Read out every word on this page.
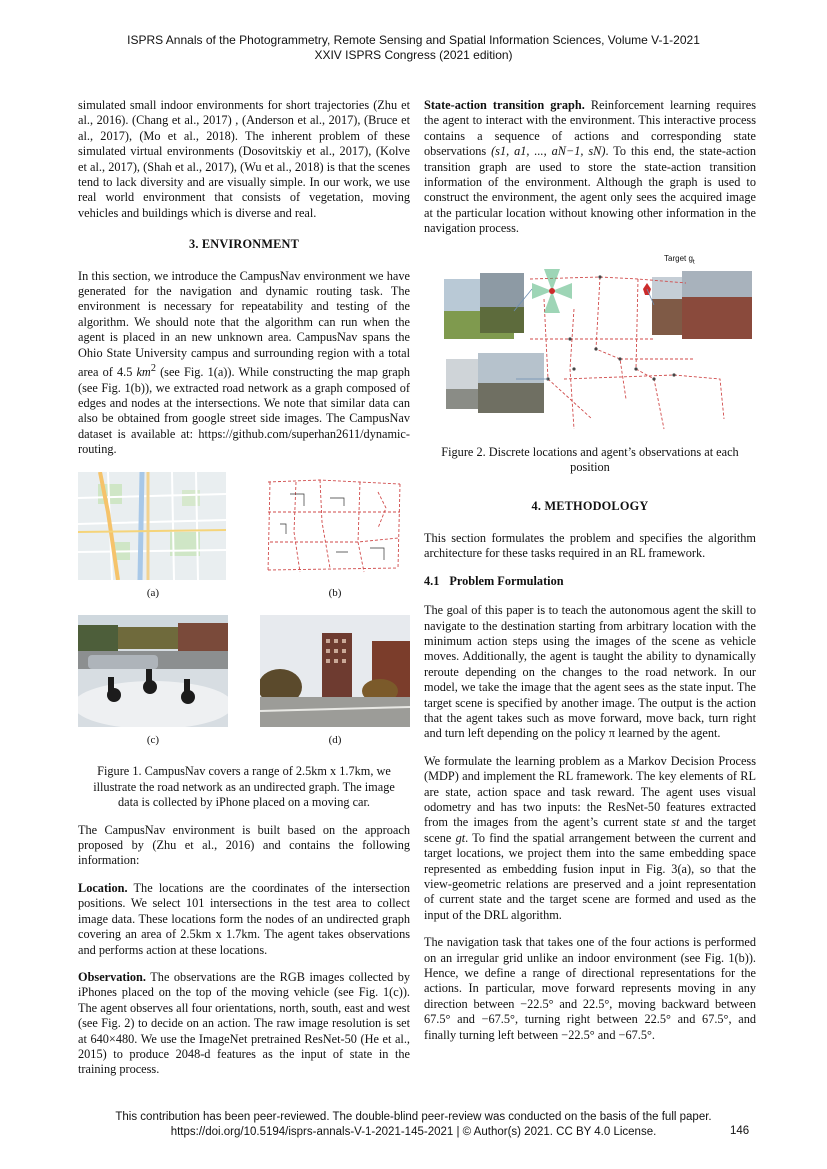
ISPRS Annals of the Photogrammetry, Remote Sensing and Spatial Information Sciences, Volume V-1-2021
XXIV ISPRS Congress (2021 edition)

simulated small indoor environments for short trajectories (Zhu et al., 2016). (Chang et al., 2017) , (Anderson et al., 2017), (Bruce et al., 2017), (Mo et al., 2018). The inherent problem of these simulated virtual environments (Dosovitskiy et al., 2017), (Kolve et al., 2017), (Shah et al., 2017), (Wu et al., 2018) is that the scenes tend to lack diversity and are visually simple. In our work, we use real world environment that consists of vegetation, moving vehicles and buildings which is diverse and real.

3. ENVIRONMENT

In this section, we introduce the CampusNav environment we have generated for the navigation and dynamic routing task. The environment is necessary for repeatability and testing of the algorithm. We should note that the algorithm can run when the agent is placed in an new unknown area. CampusNav spans the Ohio State University campus and surrounding region with a total area of 4.5 $km^2$ (see Fig. 1(a)). While constructing the map graph (see Fig. 1(b)), we extracted road network as a graph composed of edges and nodes at the intersections. We note that similar data can also be obtained from google street side images. The CampusNav dataset is available at: https://github.com/superhan2611/dynamic-routing.

(a)	(b)
(c)	(d)
Figure 1. CampusNav covers a range of 2.5km x 1.7km, we illustrate the road network as an undirected graph. The image data is collected by iPhone placed on a moving car.

The CampusNav environment is built based on the approach proposed by (Zhu et al., 2016) and contains the following information:

Location. The locations are the coordinates of the intersection positions. We select 101 intersections in the test area to collect image data. These locations form the nodes of an undirected graph covering an area of 2.5km x 1.7km. The agent takes observations and performs action at these locations.

Observation. The observations are the RGB images collected by iPhones placed on the top of the moving vehicle (see Fig. 1(c)). The agent observes all four orientations, north, south, east and west (see Fig. 2) to decide on an action. The raw image resolution is set at 640×480. We use the ImageNet pretrained ResNet-50 (He et al., 2015) to produce 2048-d features as the input of state in the training process.

State-action transition graph. Reinforcement learning requires the agent to interact with the environment. This interactive process contains a sequence of actions and corresponding state observations (s1, a1, ..., aN−1, sN). To this end, the state-action transition graph are used to store the state-action transition information of the environment. Although the graph is used to construct the environment, the agent only sees the acquired image at the particular location without knowing other information in the navigation process.

Target $g_t$
Figure 2. Discrete locations and agent’s observations at each position
4. METHODOLOGY

This section formulates the problem and specifies the algorithm architecture for these tasks required in an RL framework.

4.1 Problem Formulation

The goal of this paper is to teach the autonomous agent the skill to navigate to the destination starting from arbitrary location with the minimum action steps using the images of the scene as vehicle moves. Additionally, the agent is taught the ability to dynamically reroute depending on the changes to the road network. In our model, we take the image that the agent sees as the state input. The target scene is specified by another image. The output is the action that the agent takes such as move forward, move back, turn right and turn left depending on the policy π learned by the agent.

We formulate the learning problem as a Markov Decision Process (MDP) and implement the RL framework. The key elements of RL are state, action space and task reward. The agent uses visual odometry and has two inputs: the ResNet-50 features extracted from the images from the agent’s current state st and the target scene gt. To find the spatial arrangement between the current and target locations, we project them into the same embedding space represented as embedding fusion input in Fig. 3(a), so that the view-geometric relations are preserved and a joint representation of current state and the target scene are formed and used as the input of the DRL algorithm.

The navigation task that takes one of the four actions is performed on an irregular grid unlike an indoor environment (see Fig. 1(b)). Hence, we define a range of directional representations for the actions. In particular, move forward represents moving in any direction between −22.5° and 22.5°, moving backward between 67.5° and −67.5°, turning right between 22.5° and 67.5°, and finally turning left between −22.5° and −67.5°.

This contribution has been peer-reviewed. The double-blind peer-review was conducted on the basis of the full paper.
https://doi.org/10.5194/isprs-annals-V-1-2021-145-2021 | © Author(s) 2021. CC BY 4.0 License.	146
